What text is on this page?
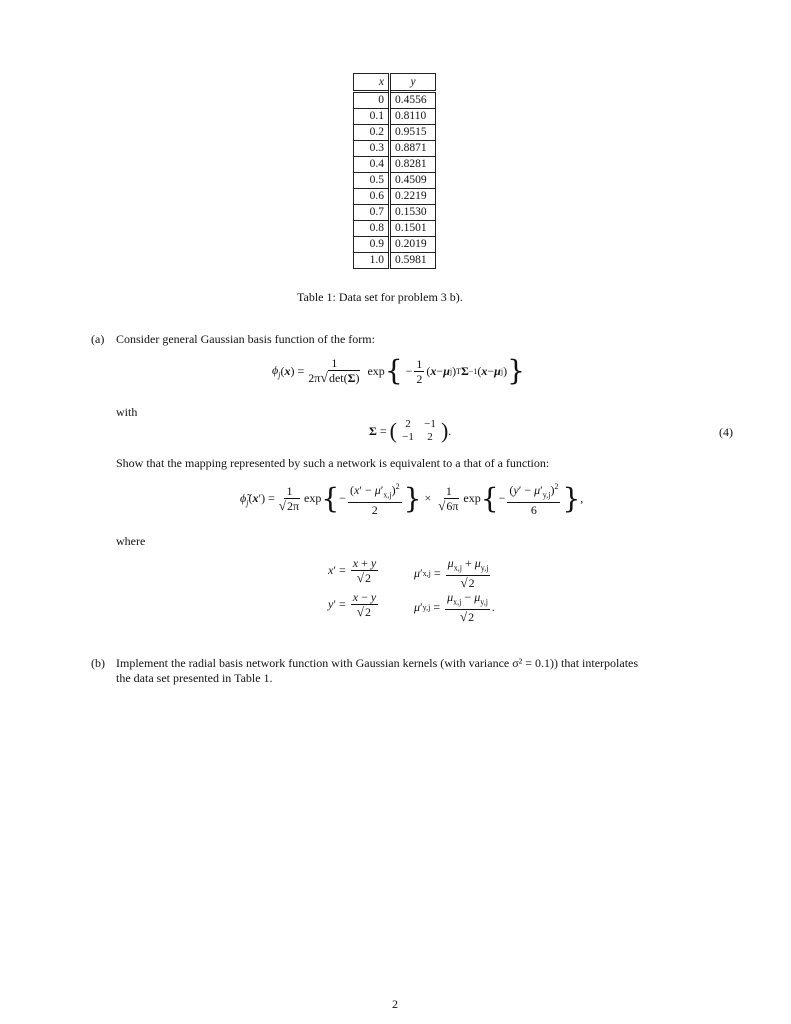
x	y
0	0.4556
0.1	0.8110
0.2	0.9515
0.3	0.8871
0.4	0.8281
0.5	0.4509
0.6	0.2219
0.7	0.1530
0.8	0.1501
0.9	0.2019
1.0	0.5981
Table 1: Data set for problem 3 b).
(a) Consider general Gaussian basis function of the form:
$\phi_j$ ( x ) = $\frac{1}{2\pi√\det(\Sigma)}$ exp { − $\frac{1}{2}$ ( x − μ j ) T Σ −1 ( x − μ j ) }
with
Σ = ( 2	−1
−1	2 ) .	(4)
Show that the mapping represented by such a network is equivalent to a that of a function:
$\phĩ_j$ ( x ′) = $\frac{1}{√2\pi}$ exp { − $\frac{(x' - \mu'_{x,j})^2}{2}$ } × $\frac{1}{√6\pi}$ exp { − $\frac{(y' - \mu'_{y,j})^2}{6}$ } ,
where
x ′ = $\frac{x + y}{√2}$	μ ′ $x,j = \frac{\mu_{x,j} + \mu_{y,j}}{√2}$
y ′ = $\frac{x - y}{√2}$	μ ′ $y,j = \frac{\mu_{x,j} - \mu_{y,j}}{√2}$ .
(b) Implement the radial basis network function with Gaussian kernels (with variance σ² = 0.1)) that interpolates
the data set presented in Table 1.
2
